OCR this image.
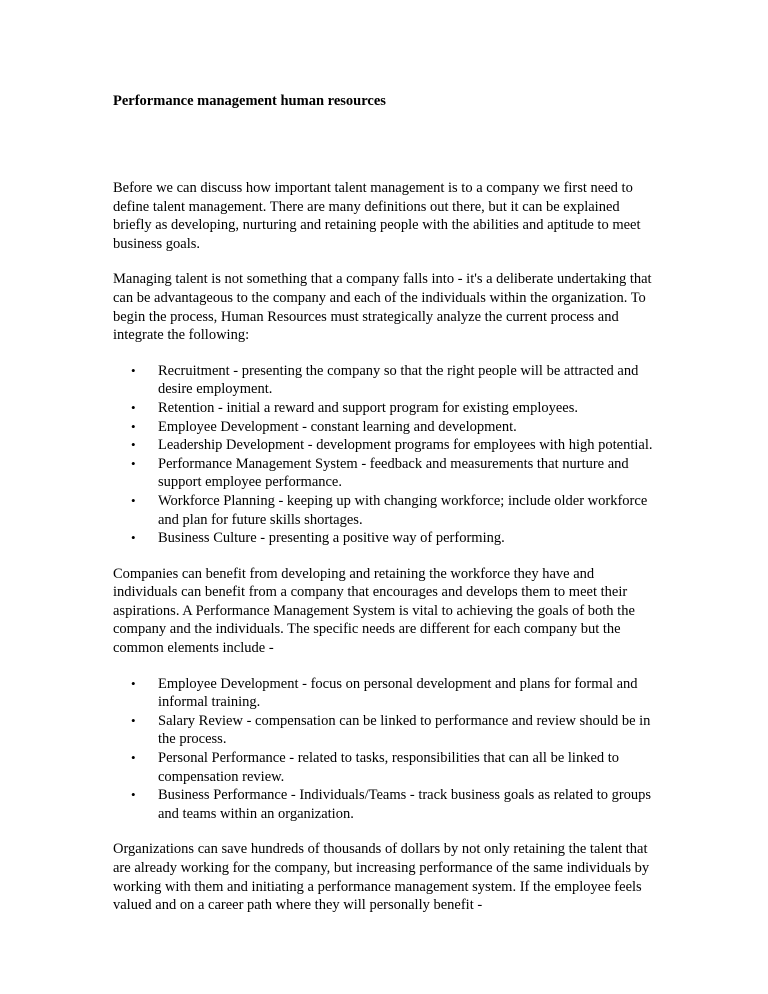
Performance management human resources

Before we can discuss how important talent management is to a company we first need to define talent management. There are many definitions out there, but it can be explained briefly as developing, nurturing and retaining people with the abilities and aptitude to meet business goals.

Managing talent is not something that a company falls into - it's a deliberate undertaking that can be advantageous to the company and each of the individuals within the organization. To begin the process, Human Resources must strategically analyze the current process and integrate the following:

• Recruitment - presenting the company so that the right people will be attracted and desire employment.
• Retention - initial a reward and support program for existing employees.
• Employee Development - constant learning and development.
• Leadership Development - development programs for employees with high potential.
• Performance Management System - feedback and measurements that nurture and support employee performance.
• Workforce Planning - keeping up with changing workforce; include older workforce and plan for future skills shortages.
• Business Culture - presenting a positive way of performing.

Companies can benefit from developing and retaining the workforce they have and individuals can benefit from a company that encourages and develops them to meet their aspirations. A Performance Management System is vital to achieving the goals of both the company and the individuals. The specific needs are different for each company but the common elements include -

• Employee Development - focus on personal development and plans for formal and informal training.
• Salary Review - compensation can be linked to performance and review should be in the process.
• Personal Performance - related to tasks, responsibilities that can all be linked to compensation review.
• Business Performance - Individuals/Teams - track business goals as related to groups and teams within an organization.

Organizations can save hundreds of thousands of dollars by not only retaining the talent that are already working for the company, but increasing performance of the same individuals by working with them and initiating a performance management system. If the employee feels valued and on a career path where they will personally benefit -
